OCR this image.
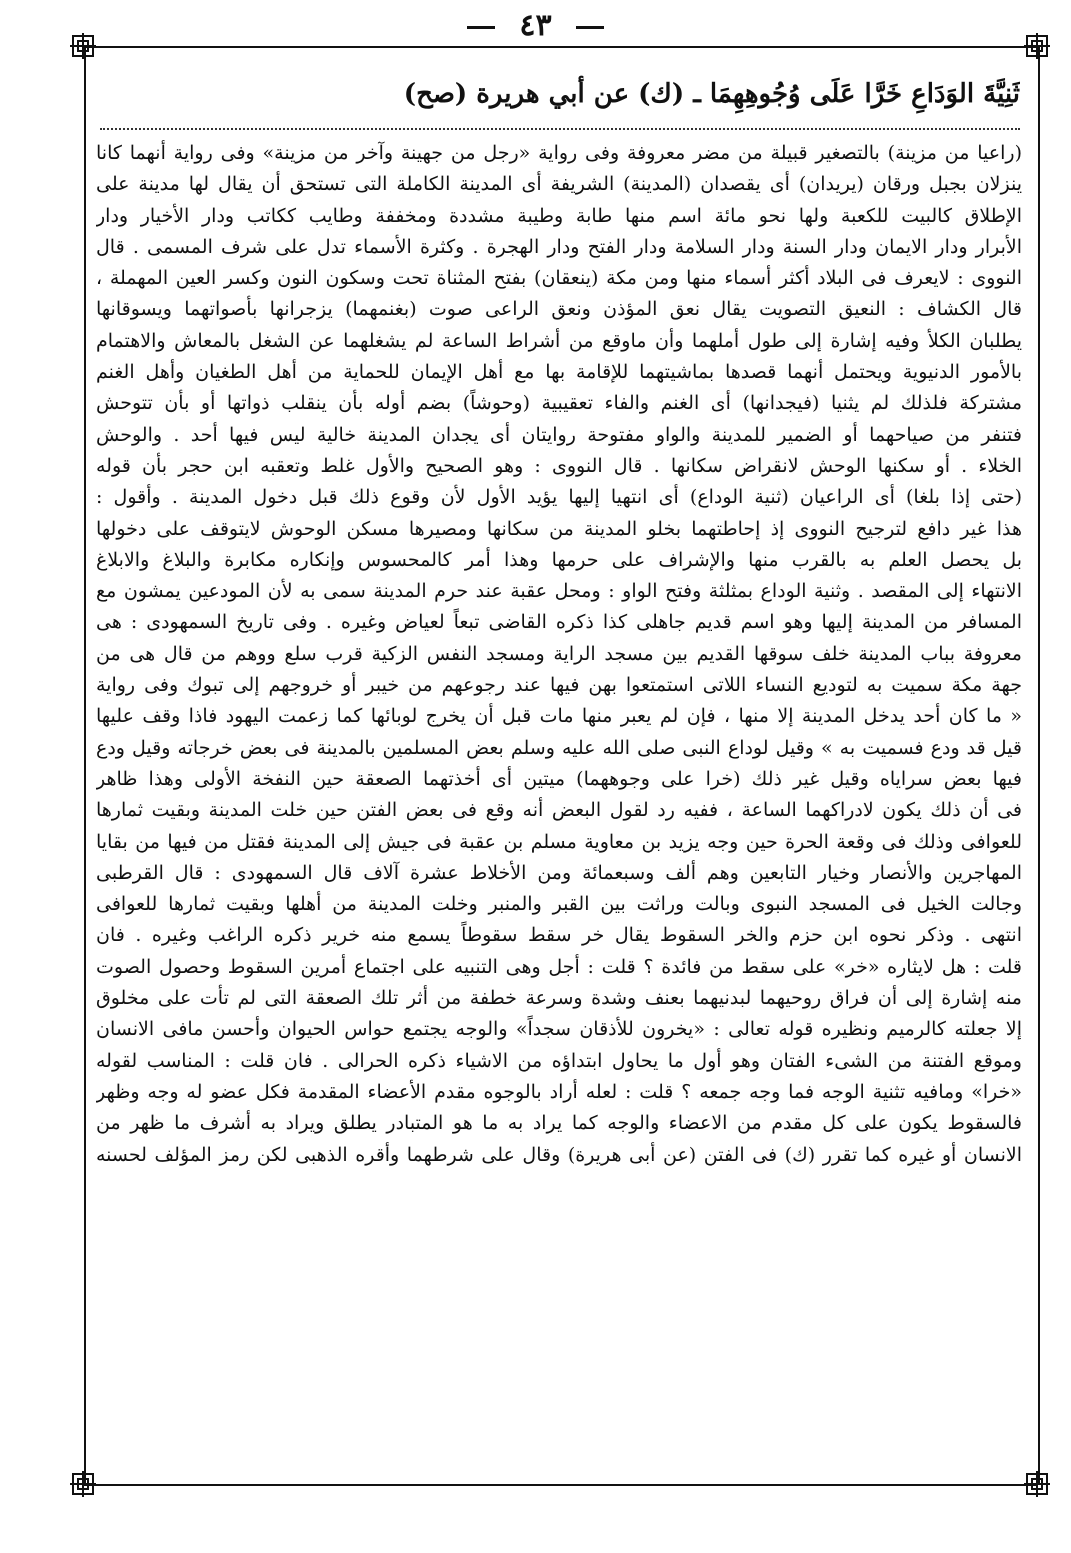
٤٣
ثَنِيَّةَ الوَدَاعِ خَرَّا عَلَى وُجُوهِهِمَا ـ (ك) عن أبي هريرة (صح)
(راعيا من مزينة) بالتصغير قبيلة من مضر معروفة وفى رواية «رجل من جهينة وآخر من مزينة» وفى رواية أنهما كانا
ينزلان بجبل ورقان (يريدان) أى يقصدان (المدينة) الشريفة أى المدينة الكاملة التى تستحق أن يقال لها مدينة على
الإطلاق كالبيت للكعبة ولها نحو مائة اسم منها طابة وطيبة مشددة ومخففة وطايب ككاتب ودار الأخيار ودار
الأبرار ودار الايمان ودار السنة ودار السلامة ودار الفتح ودار الهجرة . وكثرة الأسماء تدل على شرف المسمى . قال
النووى : لايعرف فى البلاد أكثر أسماء منها ومن مكة (ينعقان) بفتح المثناة تحت وسكون النون وكسر العين المهملة ،
قال الكشاف : النعيق التصويت يقال نعق المؤذن ونعق الراعى صوت (بغنمهما) يزجرانها بأصواتهما ويسوقانها
يطلبان الكلأ وفيه إشارة إلى طول أملهما وأن ماوقع من أشراط الساعة لم يشغلهما عن الشغل بالمعاش والاهتمام
بالأمور الدنيوية ويحتمل أنهما قصدها بماشيتهما للإقامة بها مع أهل الإيمان للحماية من أهل الطغيان وأهل الغنم
مشتركة فلذلك لم يثنيا (فيجدانها) أى الغنم والفاء تعقيبية (وحوشاً) بضم أوله بأن ينقلب ذواتها أو بأن تتوحش
فتنفر من صياحهما أو الضمير للمدينة والواو مفتوحة روايتان أى يجدان المدينة خالية ليس فيها أحد . والوحش
الخلاء . أو سكنها الوحش لانقراض سكانها . قال النووى : وهو الصحيح والأول غلط وتعقبه ابن حجر بأن قوله
(حتى إذا بلغا) أى الراعيان (ثنية الوداع) أى انتهيا إليها يؤيد الأول لأن وقوع ذلك قبل دخول المدينة . وأقول :
هذا غير دافع لترجيح النووى إذ إحاطتهما بخلو المدينة من سكانها ومصيرها مسكن الوحوش لايتوقف على دخولها
بل يحصل العلم به بالقرب منها والإشراف على حرمها وهذا أمر كالمحسوس وإنكاره مكابرة والبلاغ والابلاغ
الانتهاء إلى المقصد . وثنية الوداع بمثلثة وفتح الواو : ومحل عقبة عند حرم المدينة سمى به لأن المودعين يمشون مع
المسافر من المدينة إليها وهو اسم قديم جاهلى كذا ذكره القاضى تبعاً لعياض وغيره . وفى تاريخ السمهودى : هى
معروفة بباب المدينة خلف سوقها القديم بين مسجد الراية ومسجد النفس الزكية قرب سلع ووهم من قال هى من
جهة مكة سميت به لتوديع النساء اللاتى استمتعوا بهن فيها عند رجوعهم من خيبر أو خروجهم إلى تبوك وفى رواية
« ما كان أحد يدخل المدينة إلا منها ، فإن لم يعبر منها مات قبل أن يخرج لوبائها كما زعمت اليهود فاذا وقف عليها
قيل قد ودع فسميت به » وقيل لوداع النبى صلى الله عليه وسلم بعض المسلمين بالمدينة فى بعض خرجاته وقيل ودع
فيها بعض سراياه وقيل غير ذلك (خرا على وجوههما) ميتين أى أخذتهما الصعقة حين النفخة الأولى وهذا ظاهر
فى أن ذلك يكون لادراكهما الساعة ، ففيه رد لقول البعض أنه وقع فى بعض الفتن حين خلت المدينة وبقيت ثمارها
للعوافى وذلك فى وقعة الحرة حين وجه يزيد بن معاوية مسلم بن عقبة فى جيش إلى المدينة فقتل من فيها من بقايا
المهاجرين والأنصار وخيار التابعين وهم ألف وسبعمائة ومن الأخلاط عشرة آلاف قال السمهودى : قال القرطبى
وجالت الخيل فى المسجد النبوى وبالت وراثت بين القبر والمنبر وخلت المدينة من أهلها وبقيت ثمارها للعوافى
انتهى . وذكر نحوه ابن حزم والخر السقوط يقال خر سقط سقوطاً يسمع منه خرير ذكره الراغب وغيره . فان
قلت : هل لايثاره «خر» على سقط من فائدة ؟ قلت : أجل وهى التنبيه على اجتماع أمرين السقوط وحصول الصوت
منه إشارة إلى أن فراق روحيهما لبدنيهما بعنف وشدة وسرعة خطفة من أثر تلك الصعقة التى لم تأت على مخلوق
إلا جعلته كالرميم ونظيره قوله تعالى : «يخرون للأذقان سجداً» والوجه يجتمع حواس الحيوان وأحسن مافى الانسان
وموقع الفتنة من الشىء الفتان وهو أول ما يحاول ابتداؤه من الاشياء ذكره الحرالى . فان قلت : المناسب لقوله
«خرا» ومافيه تثنية الوجه فما وجه جمعه ؟ قلت : لعله أراد بالوجوه مقدم الأعضاء المقدمة فكل عضو له وجه وظهر
فالسقوط يكون على كل مقدم من الاعضاء والوجه كما يراد به ما هو المتبادر يطلق ويراد به أشرف ما ظهر من
الانسان أو غيره كما تقرر (ك) فى الفتن (عن أبى هريرة) وقال على شرطهما وأقره الذهبى لكن رمز المؤلف لحسنه
